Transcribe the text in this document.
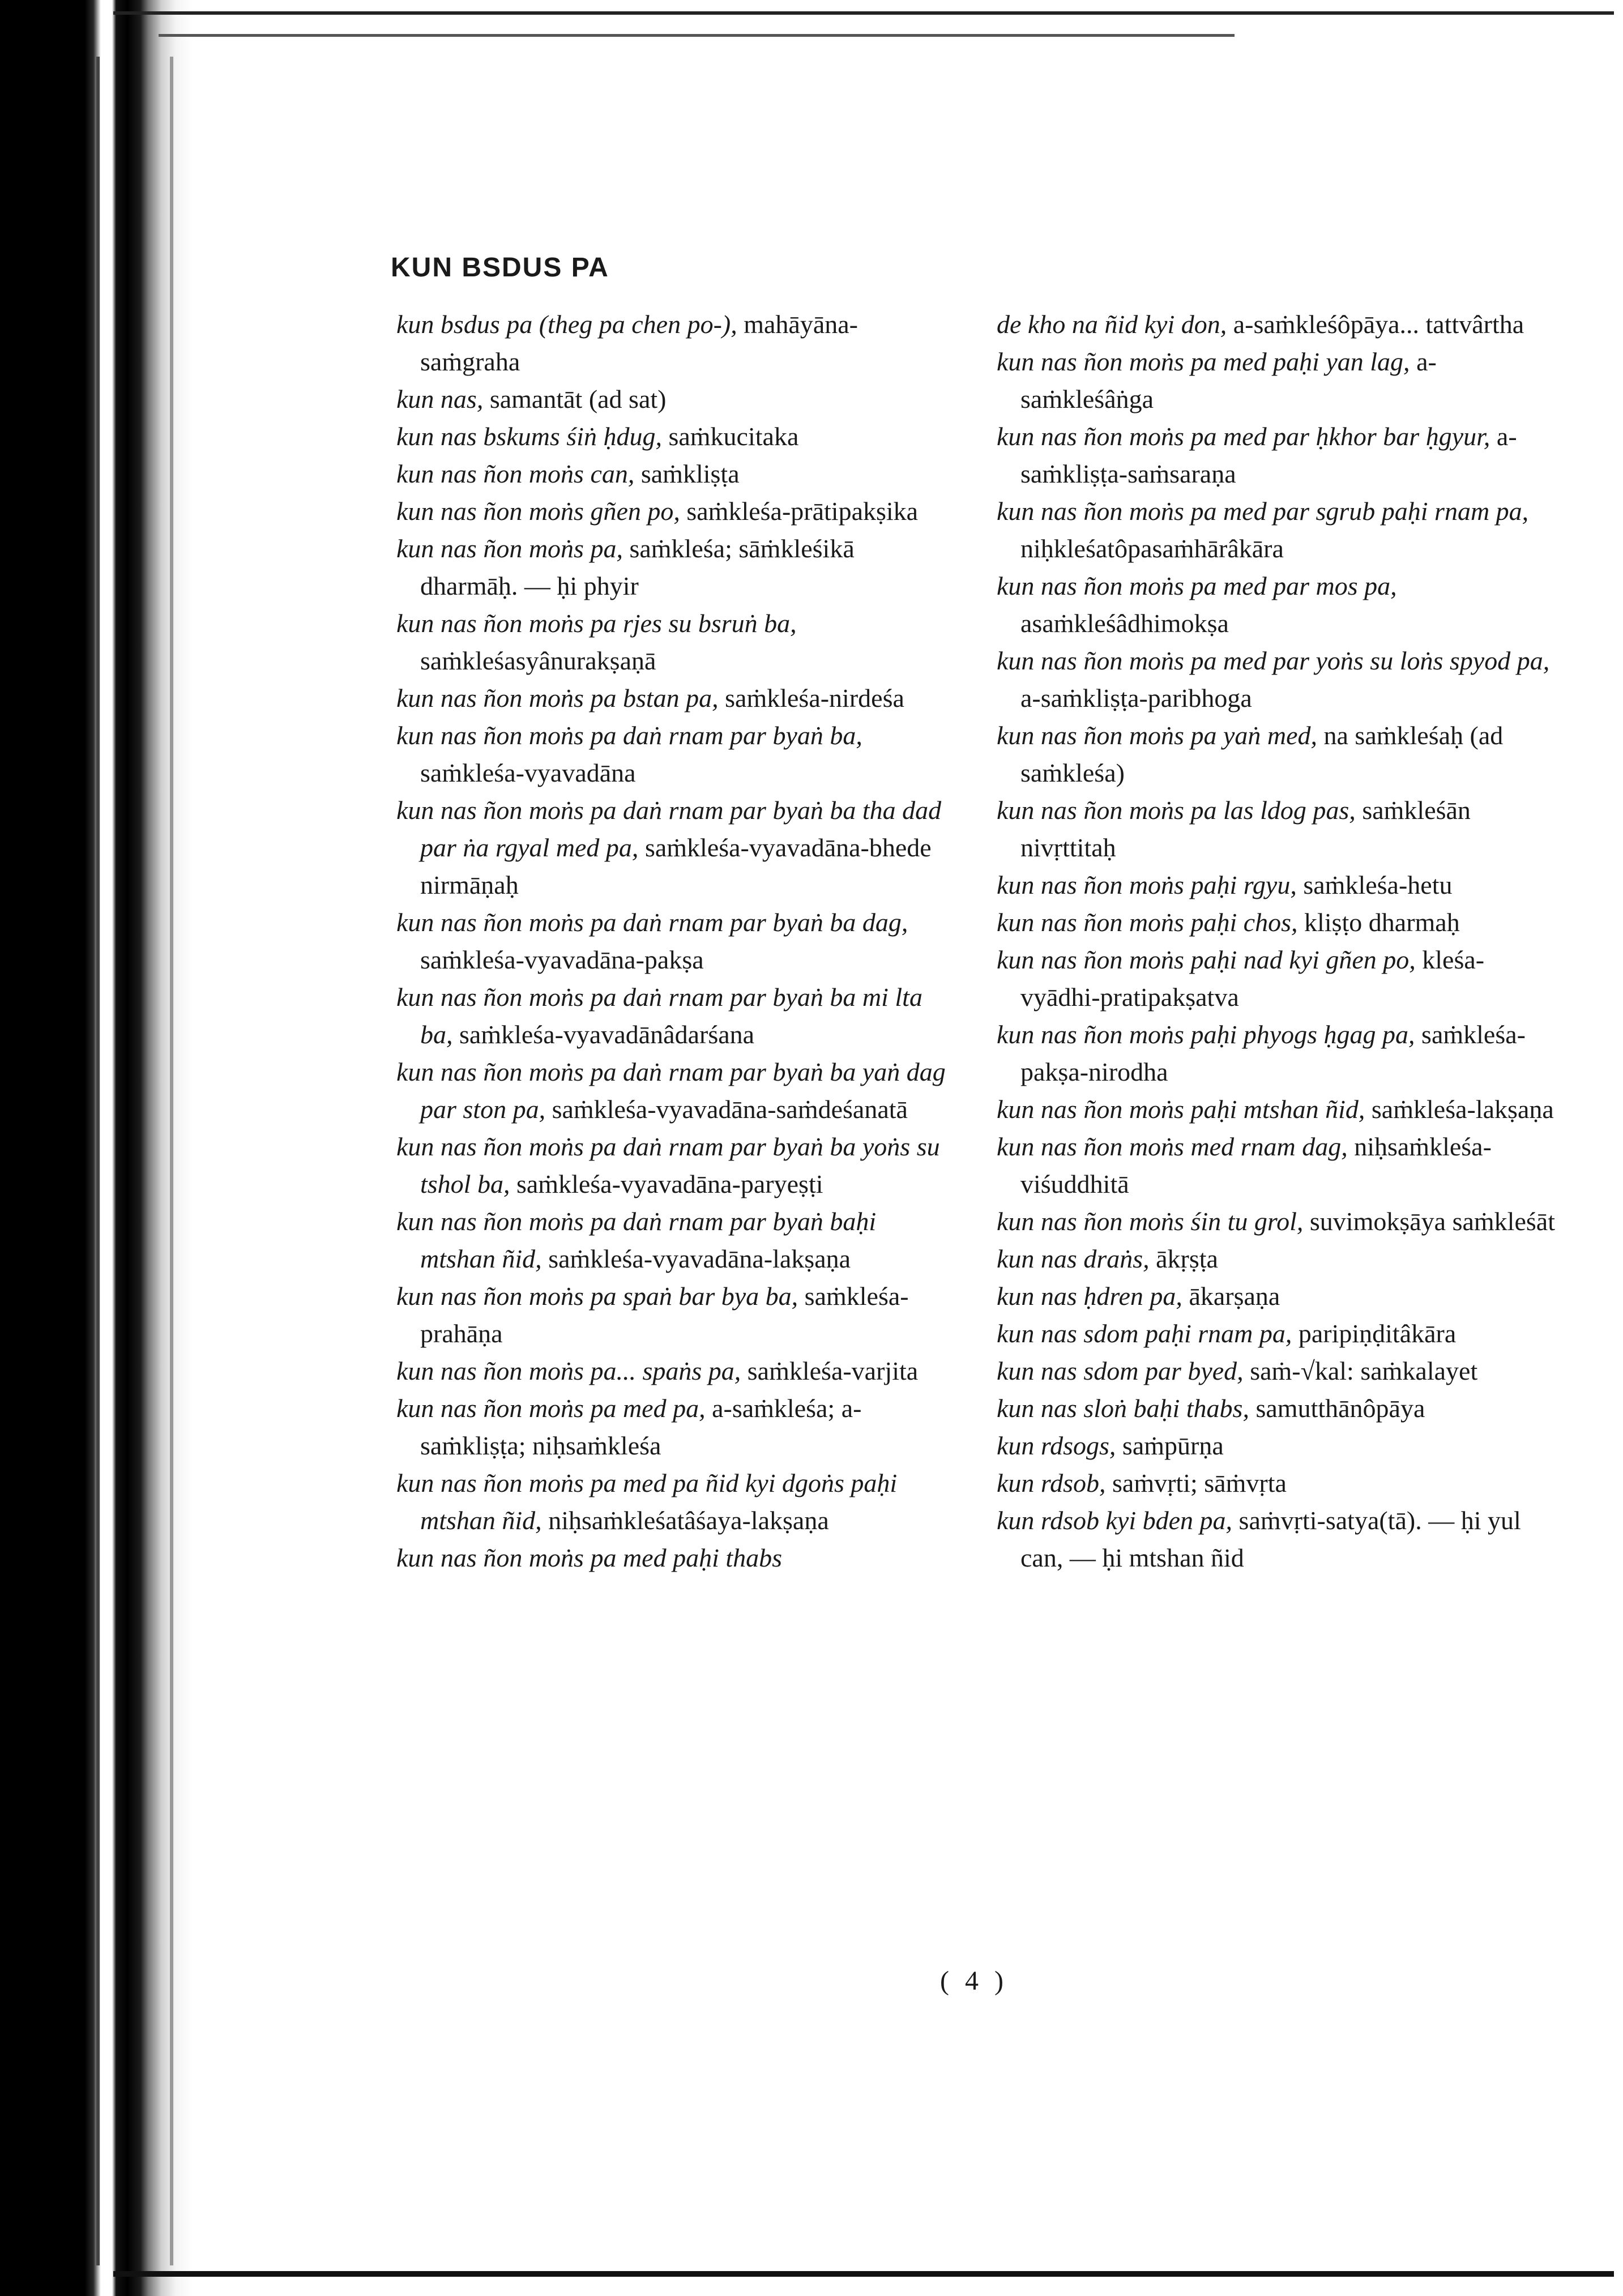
KUN BSDUS PA

kun bsdus pa (theg pa chen po-), mahāyāna-saṁgraha

kun nas, samantāt (ad sat)

kun nas bskums śiṅ ḥdug, saṁkucitaka

kun nas ñon moṅs can, saṁkliṣṭa

kun nas ñon moṅs gñen po, saṁkleśa-prātipakṣika

kun nas ñon moṅs pa, saṁkleśa; sāṁkleśikā dharmāḥ. — ḥi phyir

kun nas ñon moṅs pa rjes su bsruṅ ba, saṁkleśasyânurakṣaṇā

kun nas ñon moṅs pa bstan pa, saṁkleśa-nirdeśa

kun nas ñon moṅs pa daṅ rnam par byaṅ ba, saṁkleśa-vyavadāna

kun nas ñon moṅs pa daṅ rnam par byaṅ ba tha dad par ṅa rgyal med pa, saṁkleśa-vyavadāna-bhede nirmāṇaḥ

kun nas ñon moṅs pa daṅ rnam par byaṅ ba dag, saṁkleśa-vyavadāna-pakṣa

kun nas ñon moṅs pa daṅ rnam par byaṅ ba mi lta ba, saṁkleśa-vyavadānâdarśana

kun nas ñon moṅs pa daṅ rnam par byaṅ ba yaṅ dag par ston pa, saṁkleśa-vyavadāna-saṁdeśanatā

kun nas ñon moṅs pa daṅ rnam par byaṅ ba yoṅs su tshol ba, saṁkleśa-vyavadāna-paryeṣṭi

kun nas ñon moṅs pa daṅ rnam par byaṅ baḥi mtshan ñid, saṁkleśa-vyavadāna-lakṣaṇa

kun nas ñon moṅs pa spaṅ bar bya ba, saṁkleśa-prahāṇa

kun nas ñon moṅs pa... spaṅs pa, saṁkleśa-varjita

kun nas ñon moṅs pa med pa, a-saṁkleśa; a-saṁkliṣṭa; niḥsaṁkleśa

kun nas ñon moṅs pa med pa ñid kyi dgoṅs paḥi mtshan ñid, niḥsaṁkleśatâśaya-lakṣaṇa

kun nas ñon moṅs pa med paḥi thabs

de kho na ñid kyi don, a-saṁkleśôpāya... tattvârtha

kun nas ñon moṅs pa med paḥi yan lag, a-saṁkleśâṅga

kun nas ñon moṅs pa med par ḥkhor bar ḥgyur, a-saṁkliṣṭa-saṁsaraṇa

kun nas ñon moṅs pa med par sgrub paḥi rnam pa, niḥkleśatôpasaṁhārâkāra

kun nas ñon moṅs pa med par mos pa, asaṁkleśâdhimokṣa

kun nas ñon moṅs pa med par yoṅs su loṅs spyod pa, a-saṁkliṣṭa-paribhoga

kun nas ñon moṅs pa yaṅ med, na saṁkleśaḥ (ad saṁkleśa)

kun nas ñon moṅs pa las ldog pas, saṁkleśān nivṛttitaḥ

kun nas ñon moṅs paḥi rgyu, saṁkleśa-hetu

kun nas ñon moṅs paḥi chos, kliṣṭo dharmaḥ

kun nas ñon moṅs paḥi nad kyi gñen po, kleśa-vyādhi-pratipakṣatva

kun nas ñon moṅs paḥi phyogs ḥgag pa, saṁkleśa-pakṣa-nirodha

kun nas ñon moṅs paḥi mtshan ñid, saṁkleśa-lakṣaṇa

kun nas ñon moṅs med rnam dag, niḥsaṁkleśa-viśuddhitā

kun nas ñon moṅs śin tu grol, suvimokṣāya saṁkleśāt

kun nas draṅs, ākṛṣṭa

kun nas ḥdren pa, ākarṣaṇa

kun nas sdom paḥi rnam pa, paripiṇḍitâkāra

kun nas sdom par byed, saṁ-√kal: saṁkalayet

kun nas sloṅ baḥi thabs, samutthānôpāya

kun rdsogs, saṁpūrṇa

kun rdsob, saṁvṛti; sāṁvṛta

kun rdsob kyi bden pa, saṁvṛti-satya(tā). — ḥi yul can, — ḥi mtshan ñid

( 4 )
